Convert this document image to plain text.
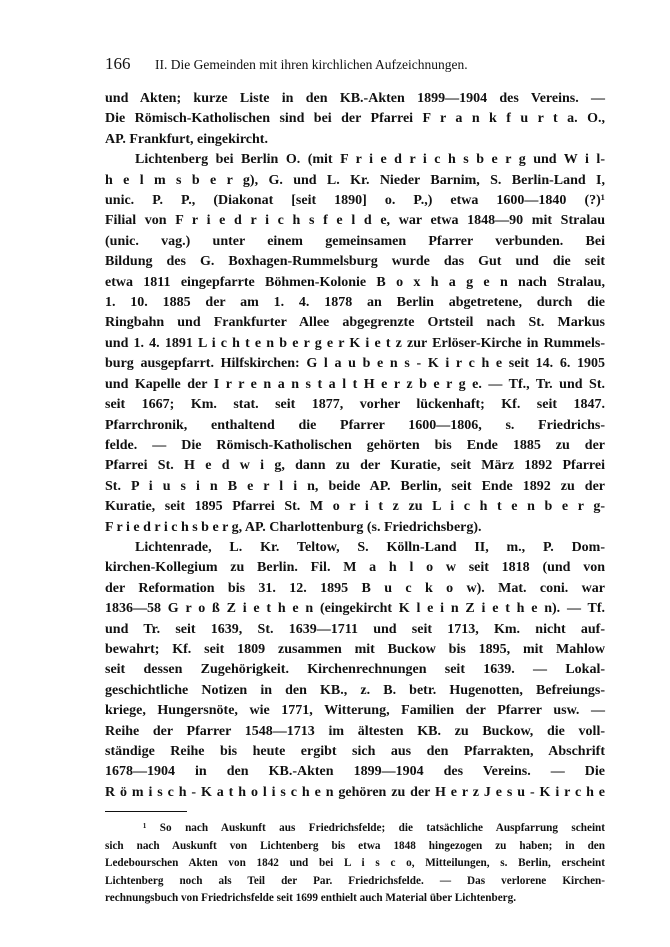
166 II. Die Gemeinden mit ihren kirchlichen Aufzeichnungen.
und Akten; kurze Liste in den KB.-Akten 1899—1904 des Vereins. —
Die Römisch-Katholischen sind bei der Pfarrei F r a n k f u r t a. O.,
AP. Frankfurt, eingekircht.
Lichtenberg bei Berlin O. (mit F r i e d r i c h s b e r g und W i l-
h e l m s b e r g), G. und L. Kr. Nieder Barnim, S. Berlin-Land I,
unic. P. P., (Diakonat [seit 1890] o. P.,) etwa 1600—1840 (?)¹
Filial von F r i e d r i c h s f e l d e, war etwa 1848—90 mit Stralau
(unic. vag.) unter einem gemeinsamen Pfarrer verbunden. Bei
Bildung des G. Boxhagen-Rummelsburg wurde das Gut und die seit
etwa 1811 eingepfarrte Böhmen-Kolonie B o x h a g e n nach Stralau,
1. 10. 1885 der am 1. 4. 1878 an Berlin abgetretene, durch die
Ringbahn und Frankfurter Allee abgegrenzte Ortsteil nach St. Markus
und 1. 4. 1891 L i c h t e n b e r g e r K i e t z zur Erlöser-Kirche in Rummels-
burg ausgepfarrt. Hilfskirchen: G l a u b e n s - K i r c h e seit 14. 6. 1905
und Kapelle der I r r e n a n s t a l t H e r z b e r g e. — Tf., Tr. und St.
seit 1667; Km. stat. seit 1877, vorher lückenhaft; Kf. seit 1847.
Pfarrchronik, enthaltend die Pfarrer 1600—1806, s. Friedrichs-
felde. — Die Römisch-Katholischen gehörten bis Ende 1885 zu der
Pfarrei St. H e d w i g, dann zu der Kuratie, seit März 1892 Pfarrei
St. P i u s i n B e r l i n, beide AP. Berlin, seit Ende 1892 zu der
Kuratie, seit 1895 Pfarrei St. M o r i t z zu L i c h t e n b e r g-
F r i e d r i c h s b e r g, AP. Charlottenburg (s. Friedrichsberg).
Lichtenrade, L. Kr. Teltow, S. Kölln-Land II, m., P. Dom-
kirchen-Kollegium zu Berlin. Fil. M a h l o w seit 1818 (und von
der Reformation bis 31. 12. 1895 B u c k o w). Mat. coni. war
1836—58 G r o ß Z i e t h e n (eingekircht K l e i n Z i e t h e n). — Tf.
und Tr. seit 1639, St. 1639—1711 und seit 1713, Km. nicht auf-
bewahrt; Kf. seit 1809 zusammen mit Buckow bis 1895, mit Mahlow
seit dessen Zugehörigkeit. Kirchenrechnungen seit 1639. — Lokal-
geschichtliche Notizen in den KB., z. B. betr. Hugenotten, Befreiungs-
kriege, Hungersnöte, wie 1771, Witterung, Familien der Pfarrer usw. —
Reihe der Pfarrer 1548—1713 im ältesten KB. zu Buckow, die voll-
ständige Reihe bis heute ergibt sich aus den Pfarrakten, Abschrift
1678—1904 in den KB.-Akten 1899—1904 des Vereins. — Die
R ö m i s c h - K a t h o l i s c h e n gehören zu der H e r z J e s u - K i r c h e
¹ So nach Auskunft aus Friedrichsfelde; die tatsächliche Auspfarrung scheint
sich nach Auskunft von Lichtenberg bis etwa 1848 hingezogen zu haben; in den
Ledebourschen Akten von 1842 und bei L i s c o, Mitteilungen, s. Berlin, erscheint
Lichtenberg noch als Teil der Par. Friedrichsfelde. — Das verlorene Kirchen-
rechnungsbuch von Friedrichsfelde seit 1699 enthielt auch Material über Lichtenberg.
